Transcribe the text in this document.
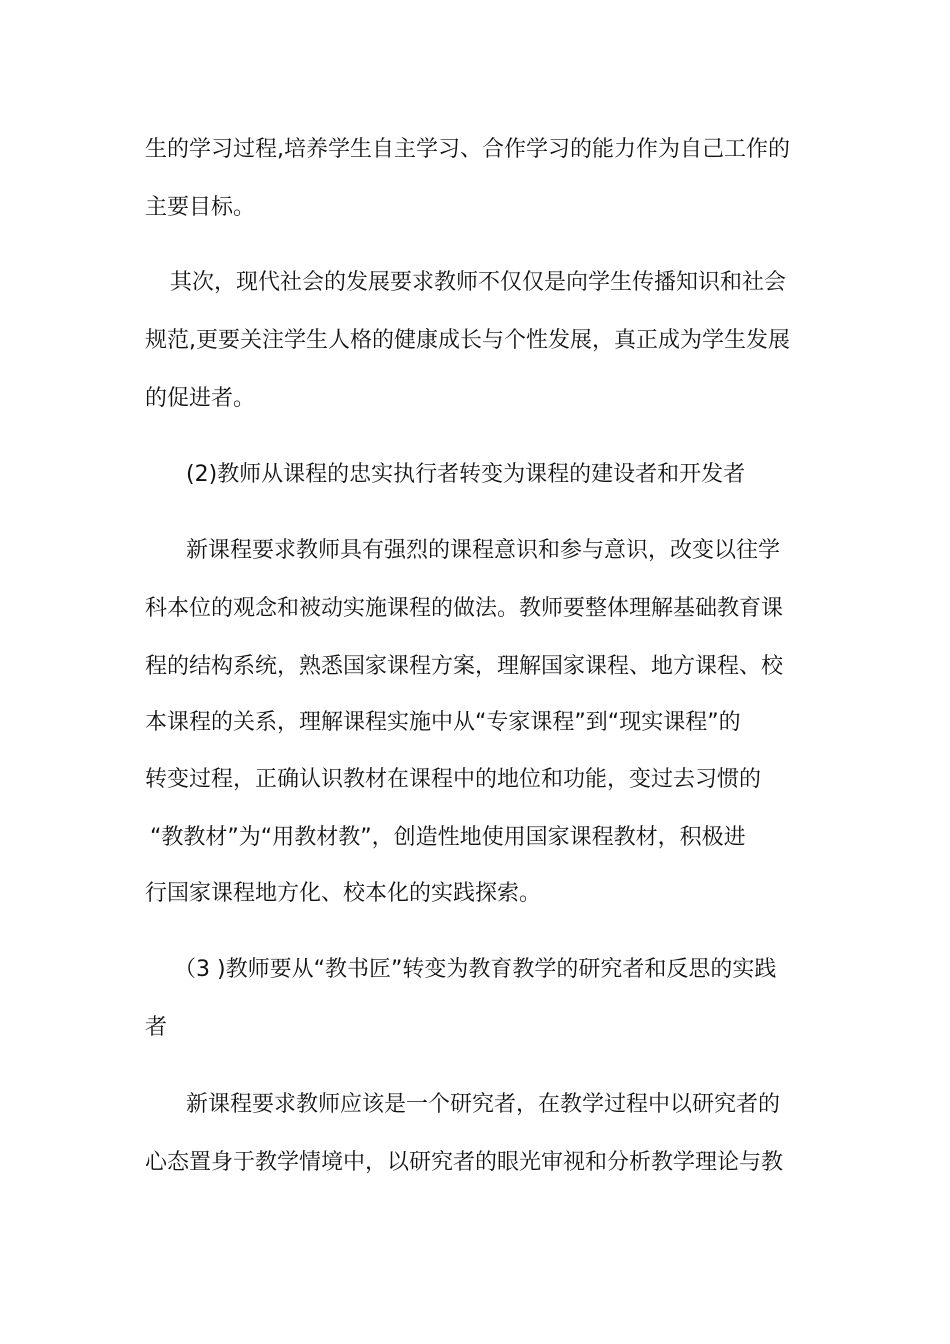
生的学习过程,培养学生自主学习、合作学习的能力作为自己工作的
主要目标。
其次，现代社会的发展要求教师不仅仅是向学生传播知识和社会
规范,更要关注学生人格的健康成长与个性发展，真正成为学生发展
的促进者。
(2)教师从课程的忠实执行者转变为课程的建设者和开发者
新课程要求教师具有强烈的课程意识和参与意识，改变以往学
科本位的观念和被动实施课程的做法。教师要整体理解基础教育课
程的结构系统，熟悉国家课程方案，理解国家课程、地方课程、校
本课程的关系，理解课程实施中从“专家课程”到“现实课程”的
转变过程，正确认识教材在课程中的地位和功能，变过去习惯的
“教教材”为“用教材教”，创造性地使用国家课程教材，积极进
行国家课程地方化、校本化的实践探索。
（3 )教师要从“教书匠”转变为教育教学的研究者和反思的实践
者
新课程要求教师应该是一个研究者，在教学过程中以研究者的
心态置身于教学情境中，以研究者的眼光审视和分析教学理论与教
